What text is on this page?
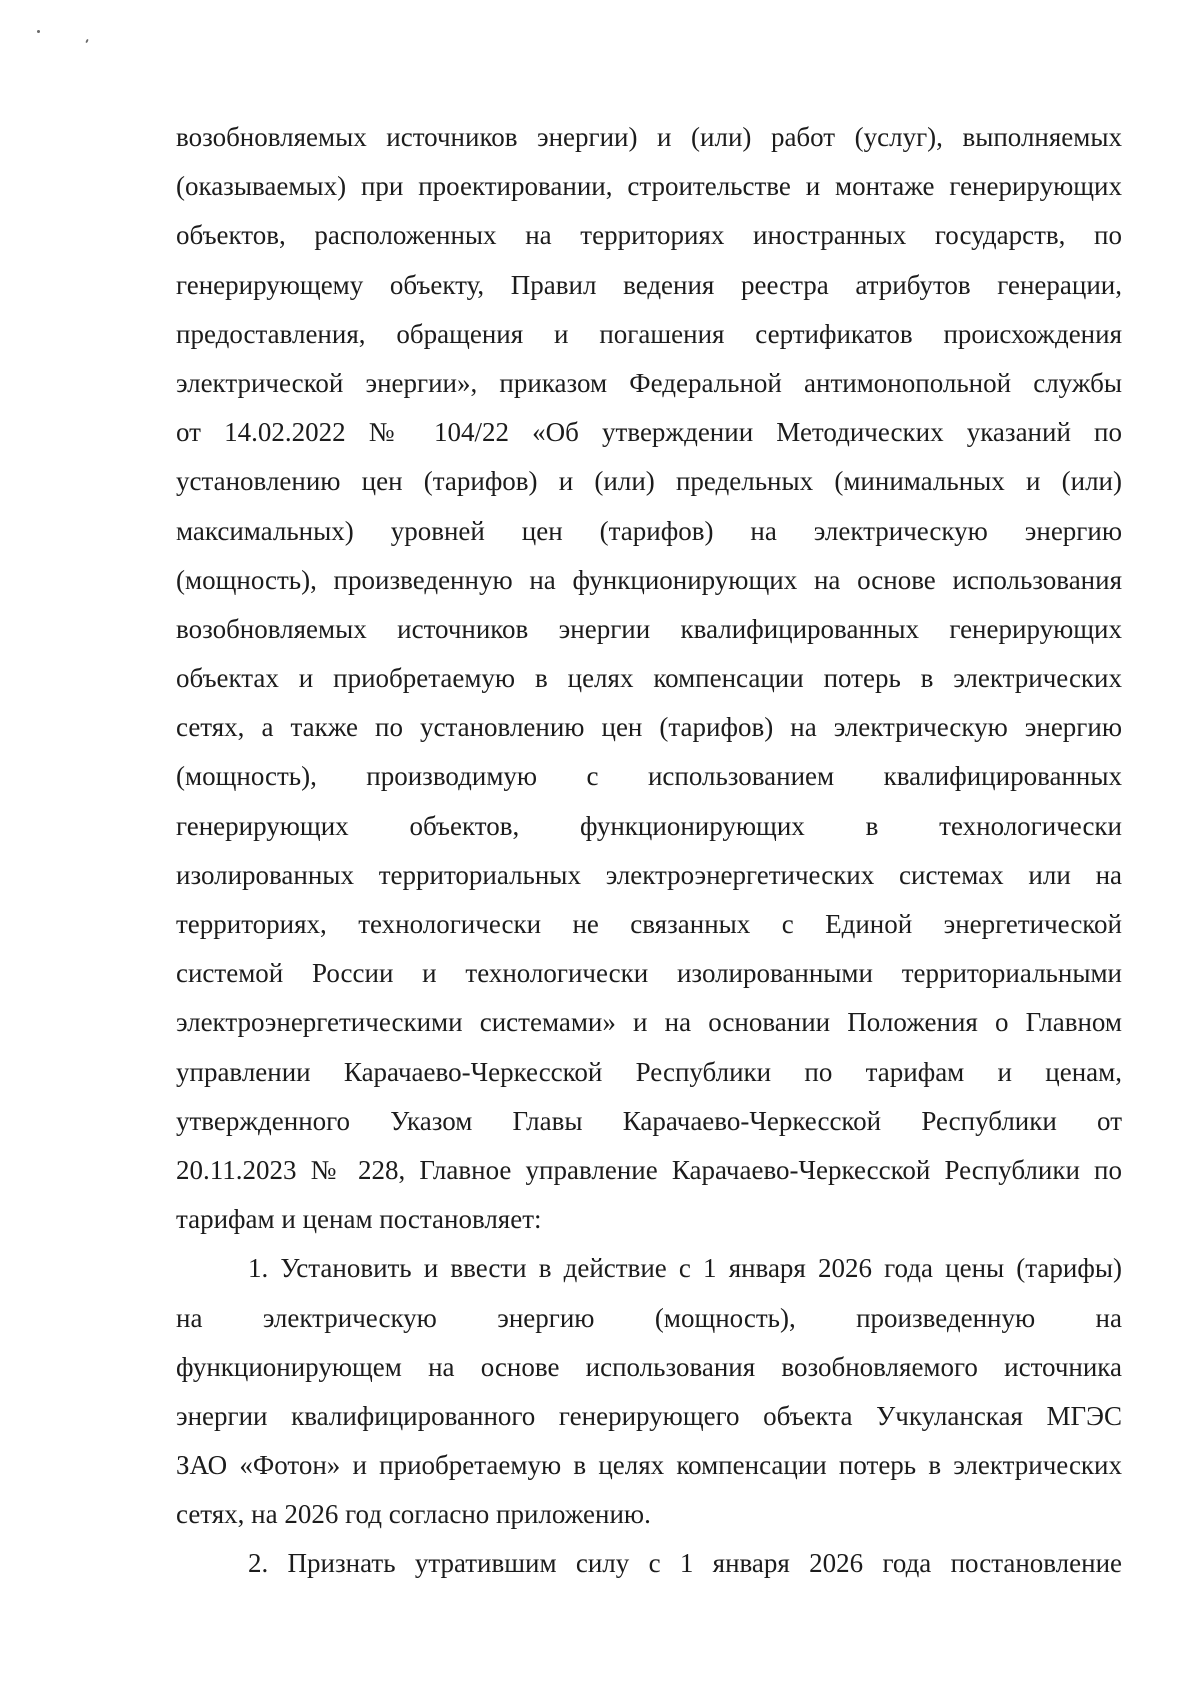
возобновляемых источников энергии) и (или) работ (услуг), выполняемых
(оказываемых) при проектировании, строительстве и монтаже генерирующих
объектов, расположенных на территориях иностранных государств, по
генерирующему объекту, Правил ведения реестра атрибутов генерации,
предоставления, обращения и погашения сертификатов происхождения
электрической энергии», приказом Федеральной антимонопольной службы
от 14.02.2022 № 104/22 «Об утверждении Методических указаний по
установлению цен (тарифов) и (или) предельных (минимальных и (или)
максимальных) уровней цен (тарифов) на электрическую энергию
(мощность), произведенную на функционирующих на основе использования
возобновляемых источников энергии квалифицированных генерирующих
объектах и приобретаемую в целях компенсации потерь в электрических
сетях, а также по установлению цен (тарифов) на электрическую энергию
(мощность), производимую с использованием квалифицированных
генерирующих объектов, функционирующих в технологически
изолированных территориальных электроэнергетических системах или на
территориях, технологически не связанных с Единой энергетической
системой России и технологически изолированными территориальными
электроэнергетическими системами» и на основании Положения о Главном
управлении Карачаево-Черкесской Республики по тарифам и ценам,
утвержденного Указом Главы Карачаево-Черкесской Республики от
20.11.2023 № 228, Главное управление Карачаево-Черкесской Республики по
тарифам и ценам постановляет:
1. Установить и ввести в действие с 1 января 2026 года цены (тарифы)
на электрическую энергию (мощность), произведенную на
функционирующем на основе использования возобновляемого источника
энергии квалифицированного генерирующего объекта Учкуланская МГЭС
ЗАО «Фотон» и приобретаемую в целях компенсации потерь в электрических
сетях, на 2026 год согласно приложению.
2. Признать утратившим силу с 1 января 2026 года постановление
